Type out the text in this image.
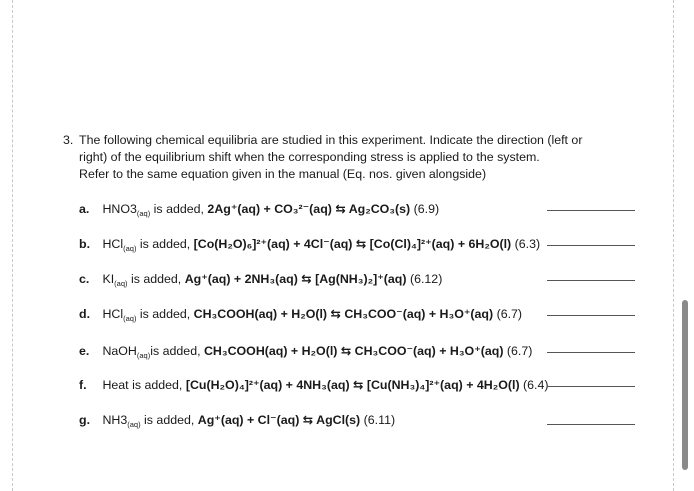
3. The following chemical equilibria are studied in this experiment. Indicate the direction (left or

right) of the equilibrium shift when the corresponding stress is applied to the system.

Refer to the same equation given in the manual (Eq. nos. given alongside)

a. $HNO3_{(aq)}$ is added, 2Ag⁺(aq) + CO₃²⁻(aq) ⇆ Ag₂CO₃(s) (6.9)
b. HCl$_{(aq)}$ is added, [Co(H₂O)₆]²⁺(aq) + 4Cl⁻(aq) ⇆ [Co(Cl)₄]²⁺(aq) + 6H₂O(l) (6.3)
c. $KI_{(aq)}$ is added, Ag⁺(aq) + 2NH₃(aq) ⇆ [Ag(NH₃)₂]⁺(aq) (6.12)
d. HCl$_{(aq)}$ is added, CH₃COOH(aq) + H₂O(l) ⇆ CH₃COO⁻(aq) + H₃O⁺(aq) (6.7)
e. NaOH$_{(aq)}$is added, CH₃COOH(aq) + H₂O(l) ⇆ CH₃COO⁻(aq) + H₃O⁺(aq) (6.7)
f. Heat is added, [Cu(H₂O)₄]²⁺(aq) + 4NH₃(aq) ⇆ [Cu(NH₃)₄]²⁺(aq) + 4H₂O(l) (6.4)
g. $NH3_{(aq)}$ is added, Ag⁺(aq) + Cl⁻(aq) ⇆ AgCl(s) (6.11)
